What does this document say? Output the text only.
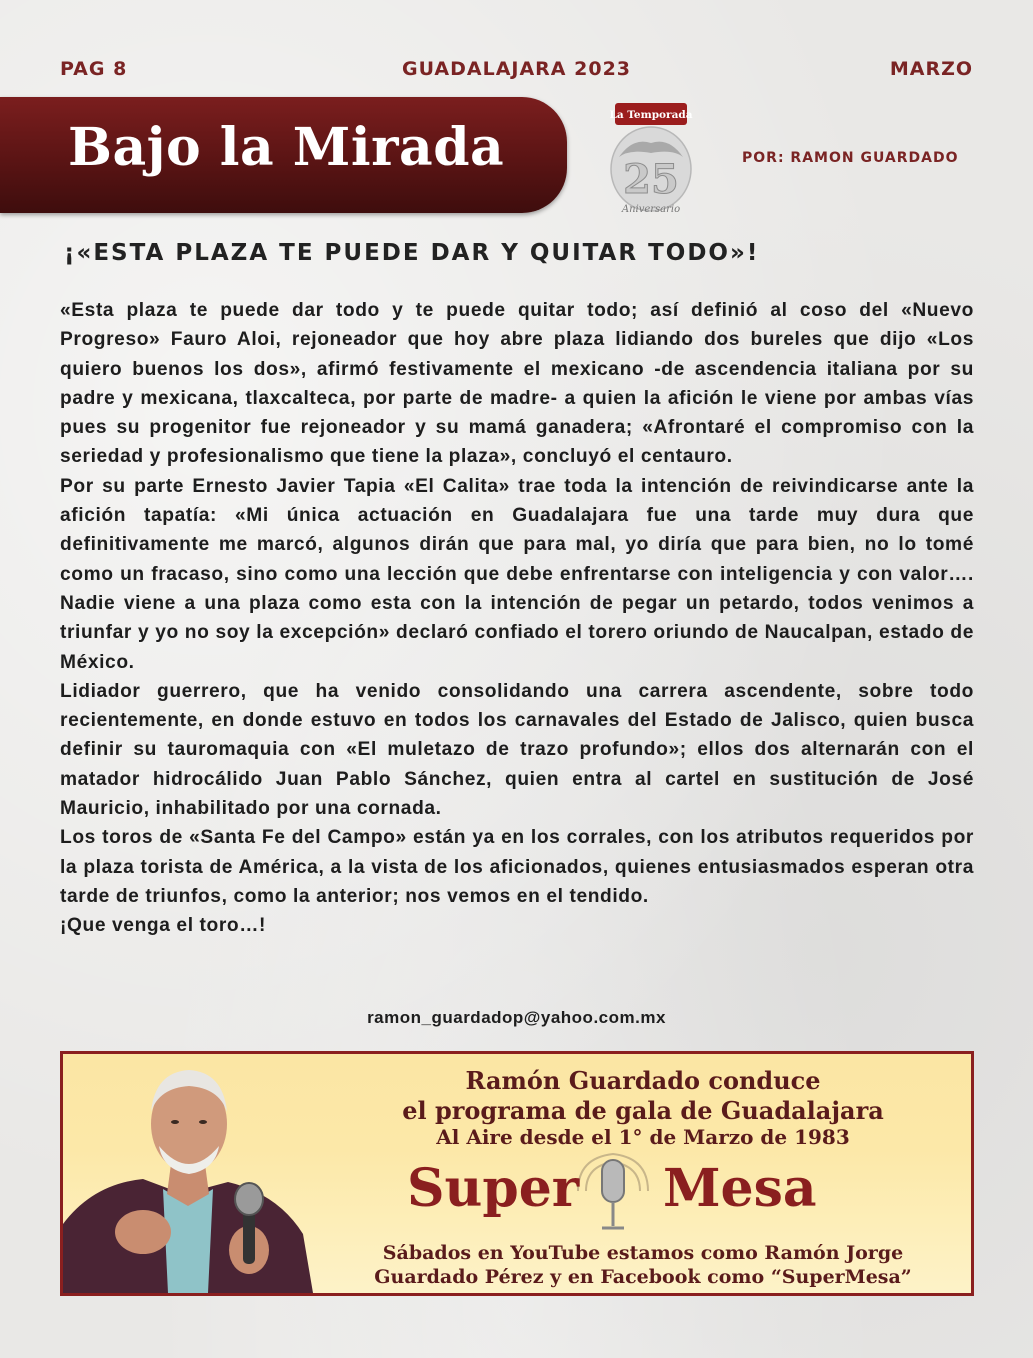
PAG 8	GUADALAJARA 2023	MARZO
Bajo la Mirada
La Temporada
25
Aniversario
POR: RAMON GUARDADO
¡«ESTA PLAZA TE PUEDE DAR Y QUITAR TODO»!

«Esta plaza te puede dar todo y te puede quitar todo; así definió al coso del «Nuevo Progreso» Fauro Aloi, rejoneador que hoy abre plaza lidiando dos bureles que dijo «Los quiero buenos los dos», afirmó festivamente el mexicano -de ascendencia italiana por su padre y mexicana, tlaxcalteca, por parte de madre- a quien la afición le viene por ambas vías pues su progenitor fue rejoneador y su mamá ganadera; «Afrontaré el compromiso con la seriedad y profesionalismo que tiene la plaza», concluyó el centauro.

Por su parte Ernesto Javier Tapia «El Calita» trae toda la intención de reivindicarse ante la afición tapatía: «Mi única actuación en Guadalajara fue una tarde muy dura que definitivamente me marcó, algunos dirán que para mal, yo diría que para bien, no lo tomé como un fracaso, sino como una lección que debe enfrentarse con inteligencia y con valor…. Nadie viene a una plaza como esta con la intención de pegar un petardo, todos venimos a triunfar y yo no soy la excepción» declaró confiado el torero oriundo de Naucalpan, estado de México.

Lidiador guerrero, que ha venido consolidando una carrera ascendente, sobre todo recientemente, en donde estuvo en todos los carnavales del Estado de Jalisco, quien busca definir su tauromaquia con «El muletazo de trazo profundo»; ellos dos alternarán con el matador hidrocálido Juan Pablo Sánchez, quien entra al cartel en sustitución de José Mauricio, inhabilitado por una cornada.

Los toros de «Santa Fe del Campo» están ya en los corrales, con los atributos requeridos por la plaza torista de América, a la vista de los aficionados, quienes entusiasmados esperan otra tarde de triunfos, como la anterior; nos vemos en el tendido.

¡Que venga el toro…!

ramon_guardadop@yahoo.com.mx
Ramón Guardado conduce
el programa de gala de Guadalajara
Al Aire desde el 1° de Marzo de 1983
Super Mesa
Sábados en YouTube estamos como Ramón Jorge
Guardado Pérez y en Facebook como “SuperMesa”
